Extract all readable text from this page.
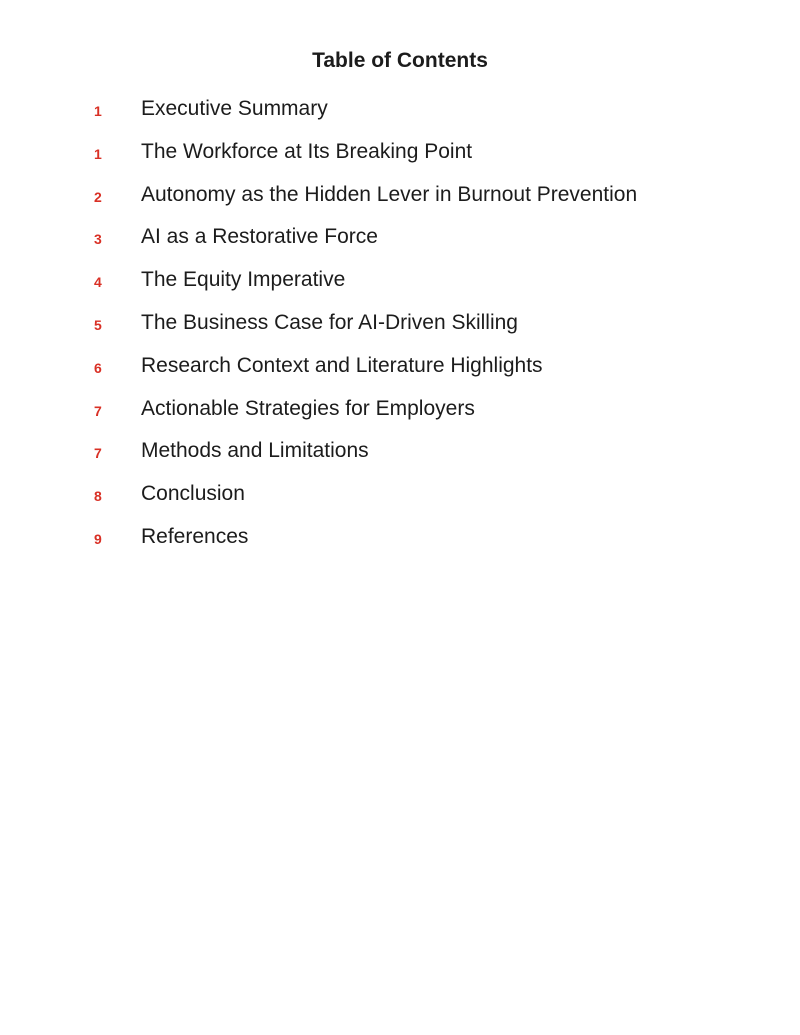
Table of Contents
1 Executive Summary
1 The Workforce at Its Breaking Point
2 Autonomy as the Hidden Lever in Burnout Prevention
3 AI as a Restorative Force
4 The Equity Imperative
5 The Business Case for AI-Driven Skilling
6 Research Context and Literature Highlights
7 Actionable Strategies for Employers
7 Methods and Limitations
8 Conclusion
9 References
